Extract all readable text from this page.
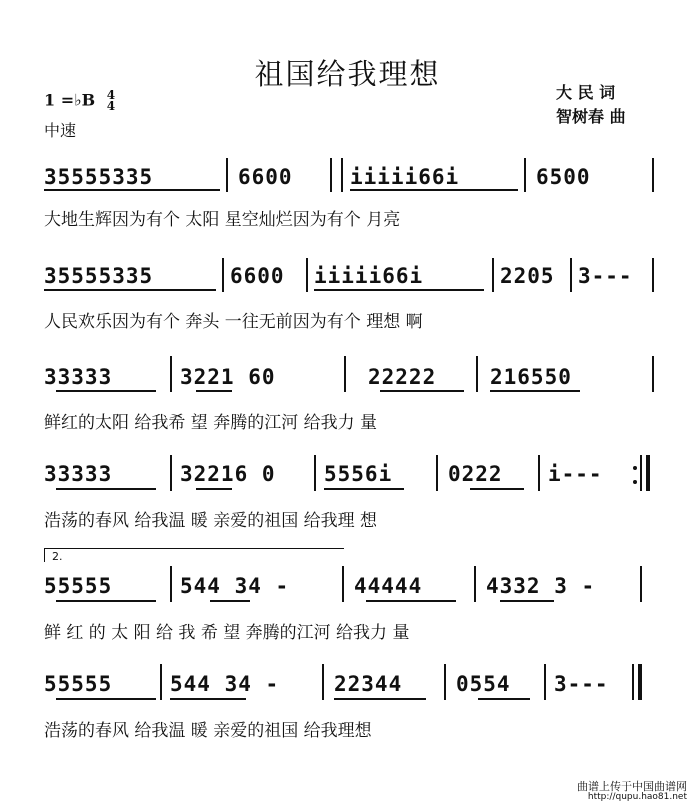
祖国给我理想
1 =♭B 4
4
中速
大 民 词
智树春 曲
35555335	6600	iiiii66i	6500
大地生辉因为有个 太阳 星空灿烂因为有个 月亮
35555335	6600 iiiii66i	2205 3---
人民欢乐因为有个 奔头 一往无前因为有个 理想 啊
33333	3221 60	22222	216550
鲜红的太阳 给我希 望 奔腾的江河 给我力 量
33333	32216 0 5556i	0222 i---
浩荡的春风 给我温 暖 亲爱的祖国 给我理 想
2.
55555	544 34 -	44444	4332 3 -
鲜 红 的 太 阳 给 我 希 望 奔腾的江河 给我力 量
55555	544 34 -	22344	0554 3---
浩荡的春风 给我温 暖 亲爱的祖国 给我理想
曲谱上传于中国曲谱网
http://qupu.hao81.net
